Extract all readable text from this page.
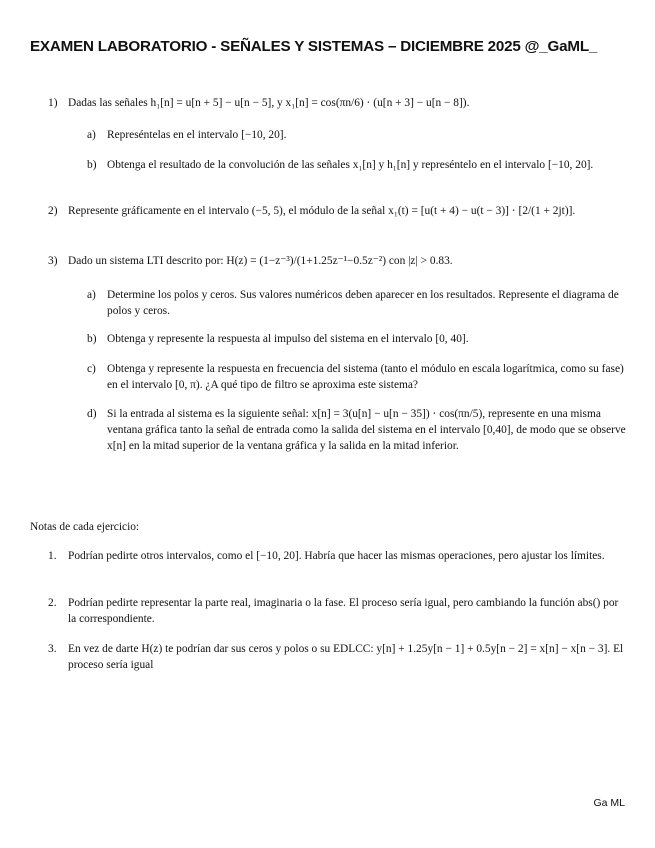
EXAMEN LABORATORIO - SEÑALES Y SISTEMAS – DICIEMBRE 2025 @_GaML_
1) Dadas las señales h₁[n] = u[n + 5] − u[n − 5], y x₁[n] = cos(πn/6) ⋅ (u[n + 3] − u[n − 8]).
a) Represéntelas en el intervalo [−10, 20].
b) Obtenga el resultado de la convolución de las señales x₁[n] y h₁[n] y represéntelo en el intervalo [−10, 20].
2) Represente gráficamente en el intervalo (−5, 5), el módulo de la señal x₁(t) = [u(t + 4) − u(t − 3)] ⋅ [2/(1 + 2jt)].
3) Dado un sistema LTI descrito por: H(z) = (1−z⁻³)/(1+1.25z⁻¹−0.5z⁻²) con |z| > 0.83.
a) Determine los polos y ceros. Sus valores numéricos deben aparecer en los resultados. Represente el diagrama de polos y ceros.
b) Obtenga y represente la respuesta al impulso del sistema en el intervalo [0, 40].
c) Obtenga y represente la respuesta en frecuencia del sistema (tanto el módulo en escala logarítmica, como su fase) en el intervalo [0, π). ¿A qué tipo de filtro se aproxima este sistema?
d) Si la entrada al sistema es la siguiente señal: x[n] = 3(u[n] − u[n − 35]) ⋅ cos(πn/5), represente en una misma ventana gráfica tanto la señal de entrada como la salida del sistema en el intervalo [0,40], de modo que se observe x[n] en la mitad superior de la ventana gráfica y la salida en la mitad inferior.
Notas de cada ejercicio:
1. Podrían pedirte otros intervalos, como el [−10, 20]. Habría que hacer las mismas operaciones, pero ajustar los límites.
2. Podrían pedirte representar la parte real, imaginaria o la fase. El proceso sería igual, pero cambiando la función abs() por la correspondiente.
3. En vez de darte H(z) te podrían dar sus ceros y polos o su EDLCC: y[n] + 1.25y[n − 1] + 0.5y[n − 2] = x[n] − x[n − 3]. El proceso sería igual
Ga ML
